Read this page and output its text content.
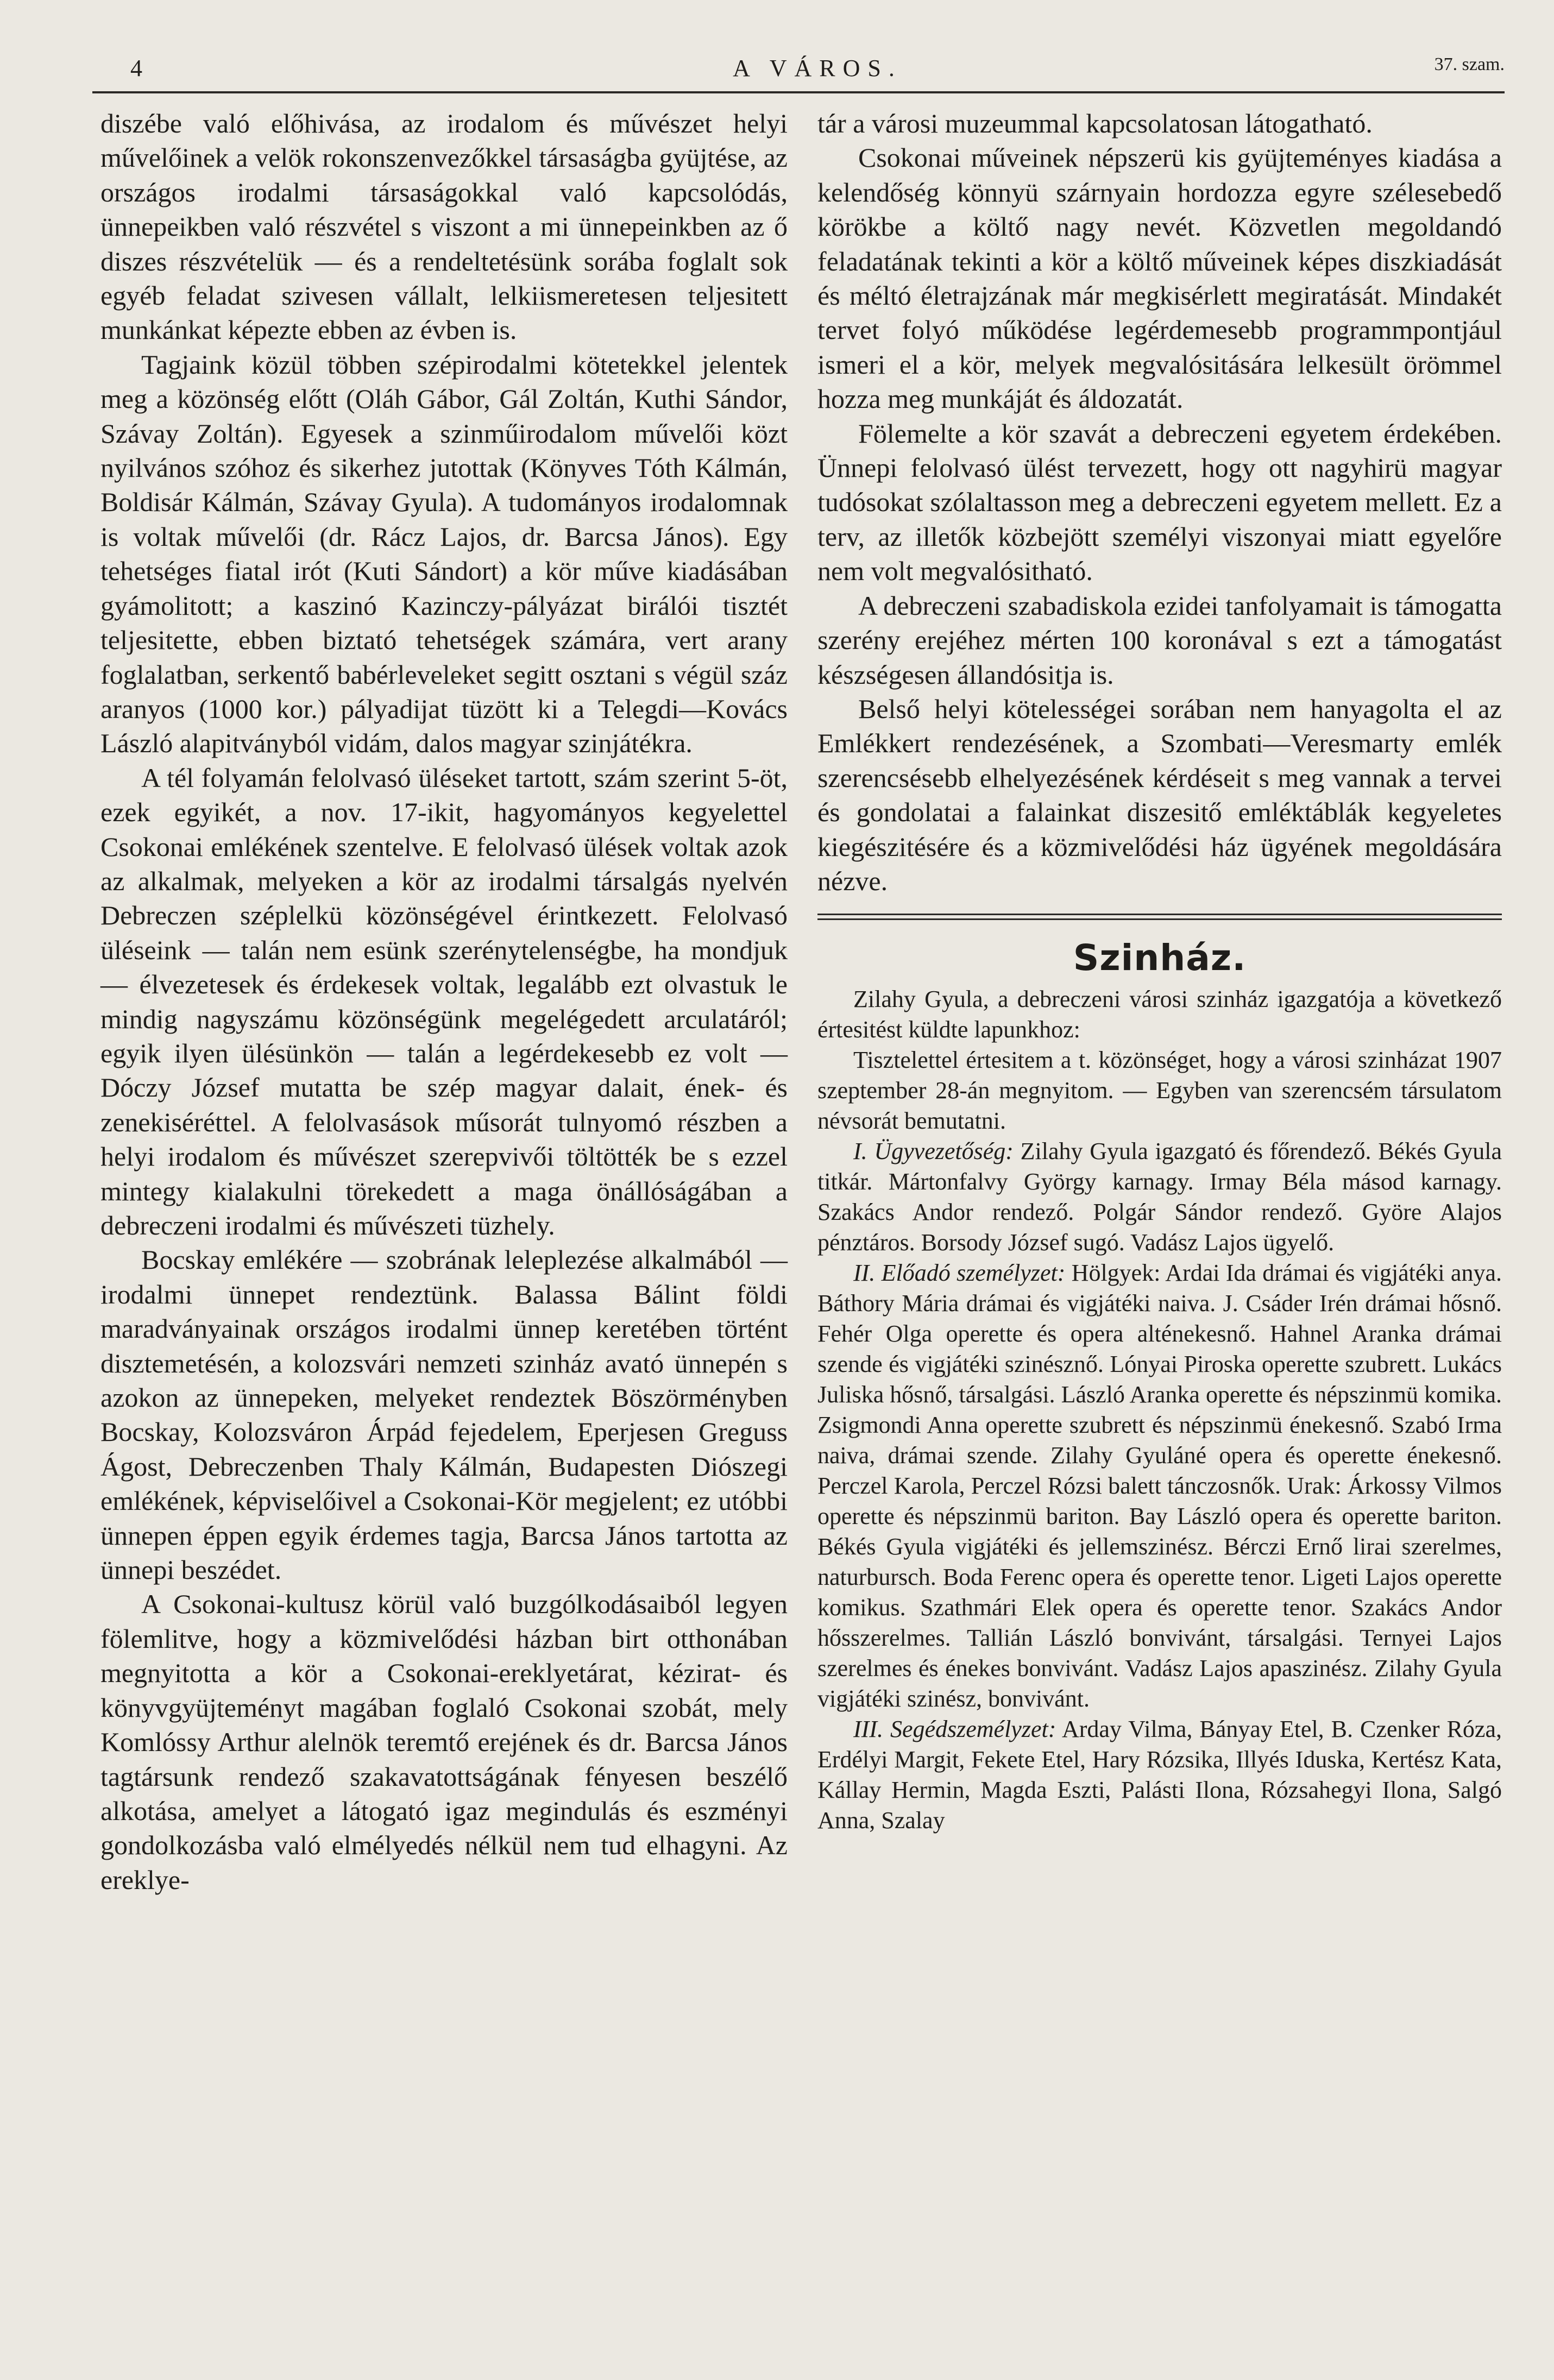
4	A VÁROS.	37. szam.

diszébe való előhivása, az irodalom és művészet helyi művelőinek a velök rokonszenvezőkkel társaságba gyüjtése, az országos irodalmi társaságokkal való kapcsolódás, ünnepeikben való részvétel s viszont a mi ünnepeinkben az ő diszes részvételük — és a rendeltetésünk sorába foglalt sok egyéb feladat szivesen vállalt, lelkiismeretesen teljesitett munkánkat képezte ebben az évben is.

Tagjaink közül többen szépirodalmi kötetekkel jelentek meg a közönség előtt (Oláh Gábor, Gál Zoltán, Kuthi Sándor, Szávay Zoltán). Egyesek a szinműirodalom művelői közt nyilvános szóhoz és sikerhez jutottak (Könyves Tóth Kálmán, Boldisár Kálmán, Szávay Gyula). A tudományos irodalomnak is voltak művelői (dr. Rácz Lajos, dr. Barcsa János). Egy tehetséges fiatal irót (Kuti Sándort) a kör műve kiadásában gyámolitott; a kaszinó Kazinczy-pályázat birálói tisztét teljesitette, ebben biztató tehetségek számára, vert arany foglalatban, serkentő babérleveleket segitt osztani s végül száz aranyos (1000 kor.) pályadijat tüzött ki a Telegdi—Kovács László alapitványból vidám, dalos magyar szinjátékra.

A tél folyamán felolvasó üléseket tartott, szám szerint 5-öt, ezek egyikét, a nov. 17-ikit, hagyományos kegyelettel Csokonai emlékének szentelve. E felolvasó ülések voltak azok az alkalmak, melyeken a kör az irodalmi társalgás nyelvén Debreczen széplelkü közönségével érintkezett. Felolvasó üléseink — talán nem esünk szerénytelenségbe, ha mondjuk — élvezetesek és érdekesek voltak, legalább ezt olvastuk le mindig nagyszámu közönségünk megelégedett arculatáról; egyik ilyen ülésünkön — talán a legérdekesebb ez volt — Dóczy József mutatta be szép magyar dalait, ének- és zenekiséréttel. A felolvasások műsorát tulnyomó részben a helyi irodalom és művészet szerepvivői töltötték be s ezzel mintegy kialakulni törekedett a maga önállóságában a debreczeni irodalmi és művészeti tüzhely.

Bocskay emlékére — szobrának leleplezése alkalmából — irodalmi ünnepet rendeztünk. Balassa Bálint földi maradványainak országos irodalmi ünnep keretében történt disztemetésén, a kolozsvári nemzeti szinház avató ünnepén s azokon az ünnepeken, melyeket rendeztek Böszörményben Bocskay, Kolozsváron Árpád fejedelem, Eperjesen Greguss Ágost, Debreczenben Thaly Kálmán, Budapesten Diószegi emlékének, képviselőivel a Csokonai-Kör megjelent; ez utóbbi ünnepen éppen egyik érdemes tagja, Barcsa János tartotta az ünnepi beszédet.

A Csokonai-kultusz körül való buzgólkodásaiból legyen fölemlitve, hogy a közmivelődési házban birt otthonában megnyitotta a kör a Csokonai-ereklyetárat, kézirat- és könyvgyüjteményt magában foglaló Csokonai szobát, mely Komlóssy Arthur alelnök teremtő erejének és dr. Barcsa János tagtársunk rendező szakavatottságának fényesen beszélő alkotása, amelyet a látogató igaz megindulás és eszményi gondolkozásba való elmélyedés nélkül nem tud elhagyni. Az ereklye-

tár a városi muzeummal kapcsolatosan látogatható.

Csokonai műveinek népszerü kis gyüjteményes kiadása a kelendőség könnyü szárnyain hordozza egyre szélesebedő körökbe a költő nagy nevét. Közvetlen megoldandó feladatának tekinti a kör a költő műveinek képes diszkiadását és méltó életrajzának már megkisérlett megiratását. Mindakét tervet folyó működése legérdemesebb programmpontjául ismeri el a kör, melyek megvalósitására lelkesült örömmel hozza meg munkáját és áldozatát.

Fölemelte a kör szavát a debreczeni egyetem érdekében. Ünnepi felolvasó ülést tervezett, hogy ott nagyhirü magyar tudósokat szólaltasson meg a debreczeni egyetem mellett. Ez a terv, az illetők közbejött személyi viszonyai miatt egyelőre nem volt megvalósitható.

A debreczeni szabadiskola ezidei tanfolyamait is támogatta szerény erejéhez mérten 100 koronával s ezt a támogatást készségesen állandósitja is.

Belső helyi kötelességei sorában nem hanyagolta el az Emlékkert rendezésének, a Szombati—Veresmarty emlék szerencsésebb elhelyezésének kérdéseit s meg vannak a tervei és gondolatai a falainkat diszesitő emléktáblák kegyeletes kiegészitésére és a közmivelődési ház ügyének megoldására nézve.

Szinház.

Zilahy Gyula, a debreczeni városi szinház igazgatója a következő értesitést küldte lapunkhoz:

Tisztelettel értesitem a t. közönséget, hogy a városi szinházat 1907 szeptember 28-án megnyitom. — Egyben van szerencsém társulatom névsorát bemutatni.

I. Ügyvezetőség: Zilahy Gyula igazgató és főrendező. Békés Gyula titkár. Mártonfalvy György karnagy. Irmay Béla másod karnagy. Szakács Andor rendező. Polgár Sándor rendező. Györe Alajos pénztáros. Borsody József sugó. Vadász Lajos ügyelő.

II. Előadó személyzet: Hölgyek: Ardai Ida drámai és vigjátéki anya. Báthory Mária drámai és vigjátéki naiva. J. Csáder Irén drámai hősnő. Fehér Olga operette és opera alténekesnő. Hahnel Aranka drámai szende és vigjátéki szinésznő. Lónyai Piroska operette szubrett. Lukács Juliska hősnő, társalgási. László Aranka operette és népszinmü komika. Zsigmondi Anna operette szubrett és népszinmü énekesnő. Szabó Irma naiva, drámai szende. Zilahy Gyuláné opera és operette énekesnő. Perczel Karola, Perczel Rózsi balett tánczosnők. Urak: Árkossy Vilmos operette és népszinmü bariton. Bay László opera és operette bariton. Békés Gyula vigjátéki és jellemszinész. Bérczi Ernő lirai szerelmes, naturbursch. Boda Ferenc opera és operette tenor. Ligeti Lajos operette komikus. Szathmári Elek opera és operette tenor. Szakács Andor hősszerelmes. Tallián László bonvivánt, társalgási. Ternyei Lajos szerelmes és énekes bonvivánt. Vadász Lajos apaszinész. Zilahy Gyula vigjátéki szinész, bonvivánt.

III. Segédszemélyzet: Arday Vilma, Bányay Etel, B. Czenker Róza, Erdélyi Margit, Fekete Etel, Hary Rózsika, Illyés Iduska, Kertész Kata, Kállay Hermin, Magda Eszti, Palásti Ilona, Rózsahegyi Ilona, Salgó Anna, Szalay
